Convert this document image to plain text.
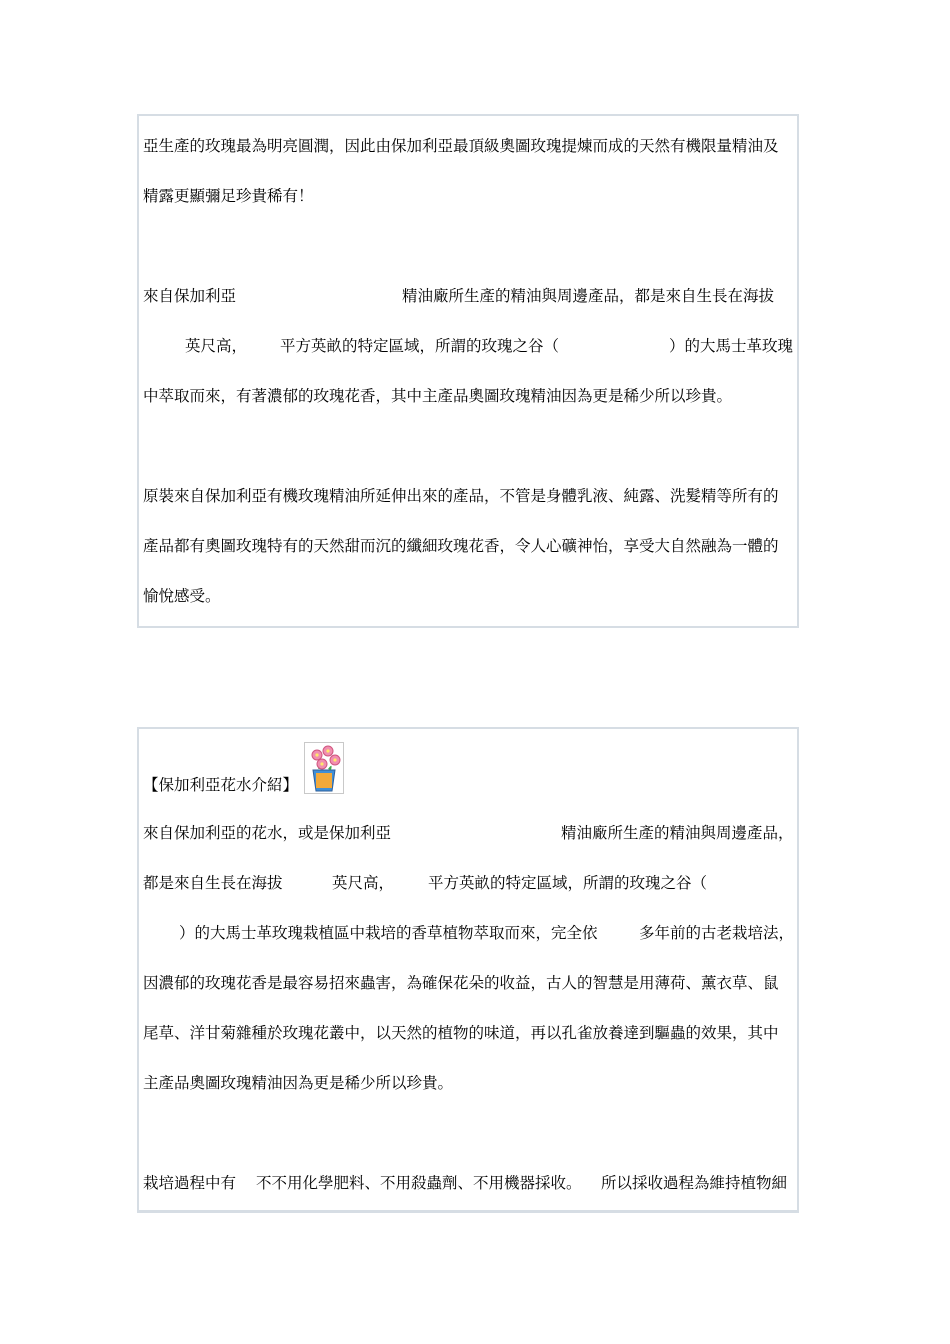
亞生產的玫瑰最為明亮圓潤，因此由保加利亞最頂級奧圖玫瑰提煉而成的天然有機限量精油及
精露更顯彌足珍貴稀有！
來自保加利亞	精油廠所生產的精油與周邊產品，都是來自生長在海拔
英尺高， 平方英畝的特定區域，所謂的玫瑰之谷（	）的大馬士革玫瑰
中萃取而來，有著濃郁的玫瑰花香，其中主產品奧圖玫瑰精油因為更是稀少所以珍貴。
原裝來自保加利亞有機玫瑰精油所延伸出來的產品，不管是身體乳液、純露、洗髮精等所有的
產品都有奧圖玫瑰特有的天然甜而沉的纖細玫瑰花香，令人心礦神怡，享受大自然融為一體的
愉悅感受。
【保加利亞花水介紹】
來自保加利亞的花水，或是保加利亞	精油廠所生產的精油與周邊產品，
都是來自生長在海拔	英尺高， 平方英畝的特定區域，所謂的玫瑰之谷（
）的大馬士革玫瑰栽植區中栽培的香草植物萃取而來，完全依	多年前的古老栽培法，
因濃郁的玫瑰花香是最容易招來蟲害，為確保花朵的收益，古人的智慧是用薄荷、薰衣草、鼠
尾草、洋甘菊雜種於玫瑰花叢中，以天然的植物的味道，再以孔雀放養達到驅蟲的效果，其中
主產品奧圖玫瑰精油因為更是稀少所以珍貴。
栽培過程中有 不不用化學肥料、不用殺蟲劑、不用機器採收。 所以採收過程為維持植物細
